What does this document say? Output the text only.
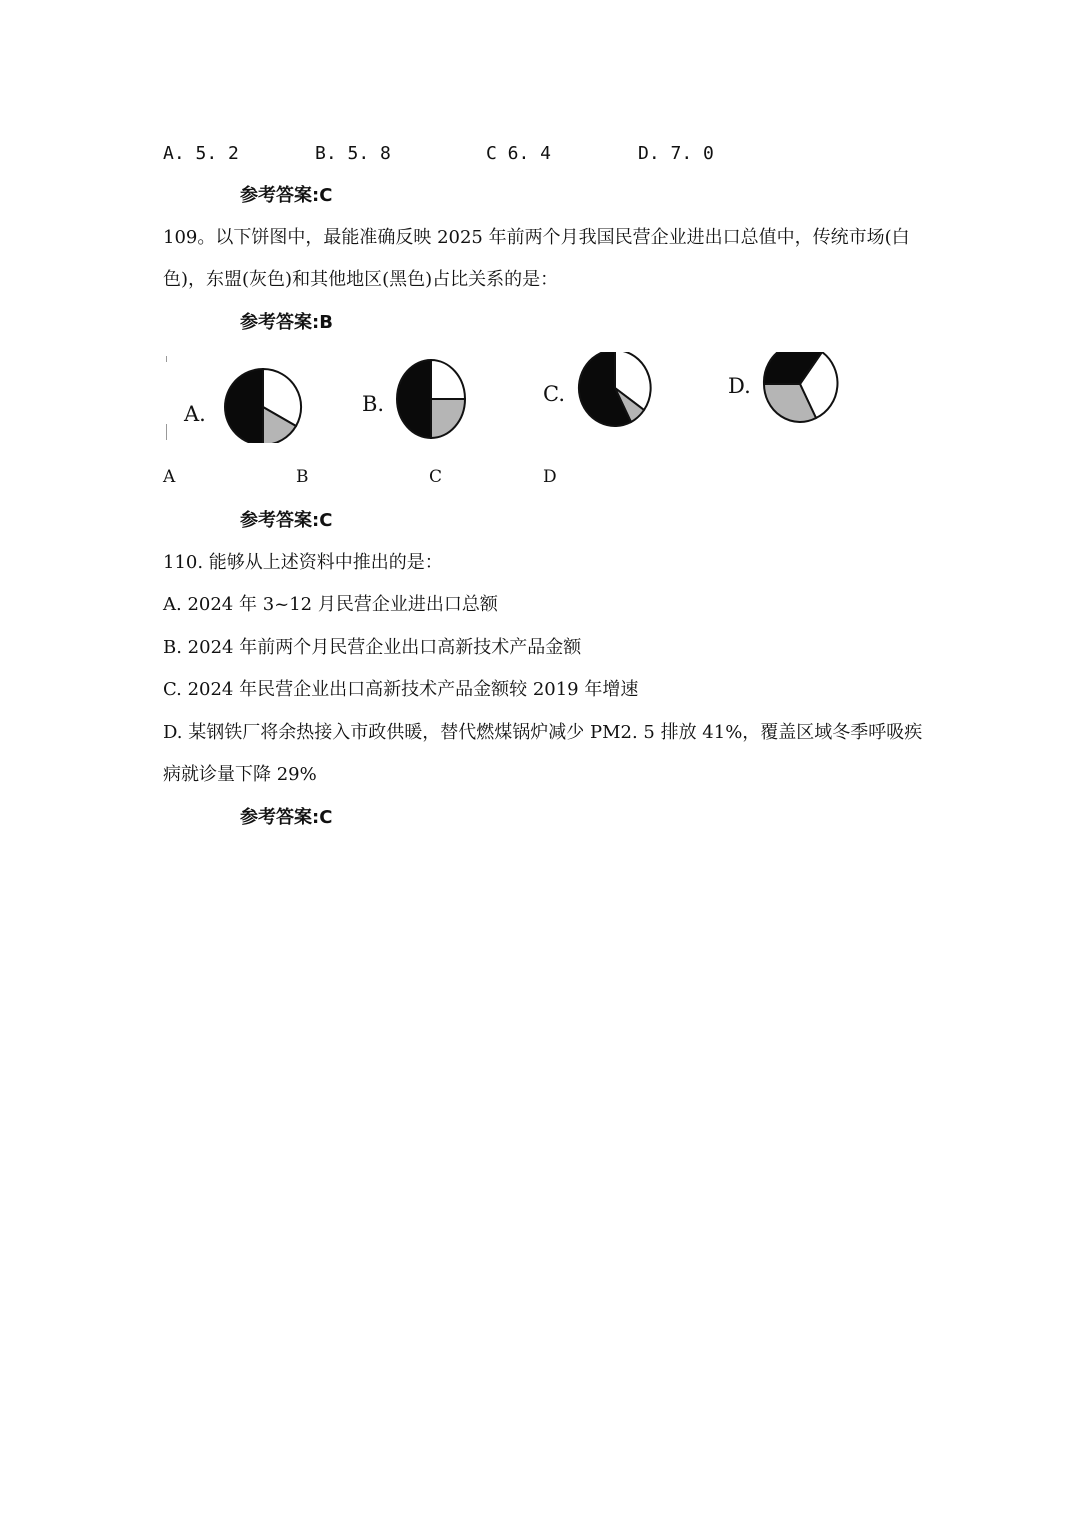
A. 5. 2	B. 5. 8	C 6. 4	D. 7. 0
参考答案:C
109。以下饼图中，最能准确反映 2025 年前两个月我国民营企业进出口总值中，传统市场(白
色)，东盟(灰色)和其他地区(黑色)占比关系的是：
参考答案:B
A.	B.	C.	D.
A	B	C	D
参考答案:C
110. 能够从上述资料中推出的是：
A. 2024 年 3~12 月民营企业进出口总额
B. 2024 年前两个月民营企业出口高新技术产品金额
C. 2024 年民营企业出口高新技术产品金额较 2019 年增速
D. 某钢铁厂将余热接入市政供暖，替代燃煤锅炉减少 PM2. 5 排放 41%，覆盖区域冬季呼吸疾
病就诊量下降 29%
参考答案:C
